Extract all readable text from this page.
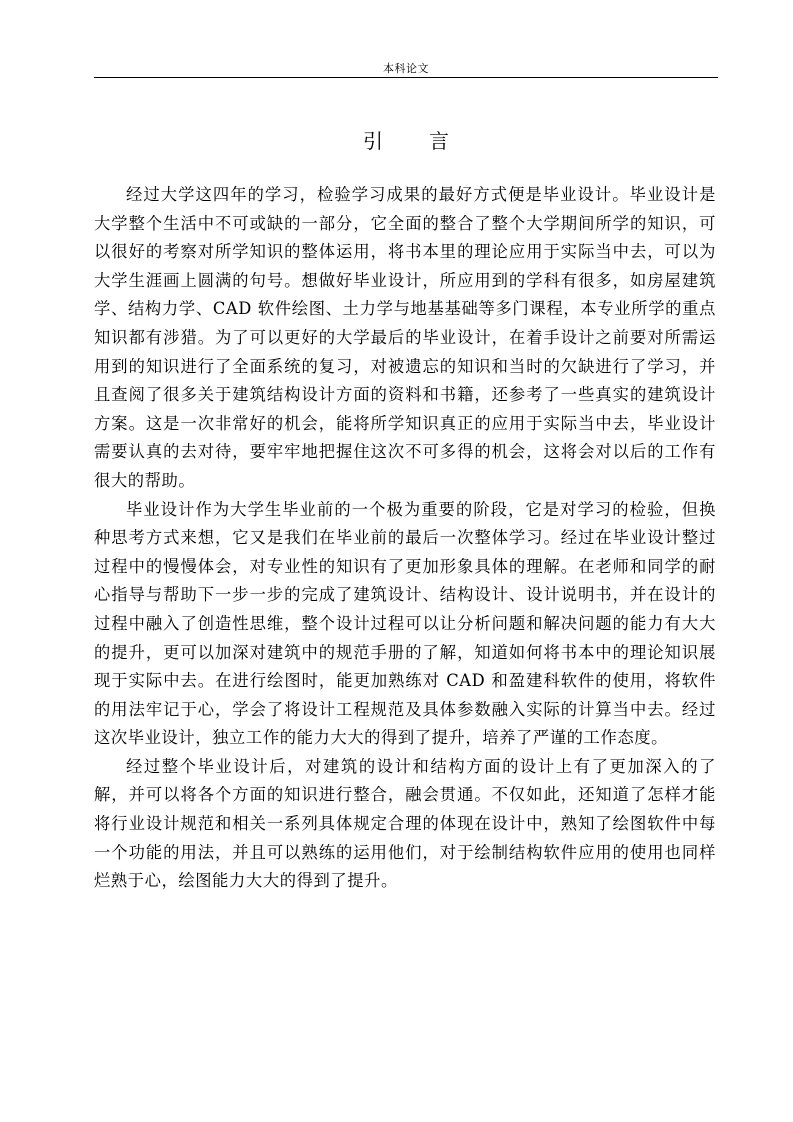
本科论文
引言

经过大学这四年的学习，检验学习成果的最好方式便是毕业设计。毕业设计是大学整个生活中不可或缺的一部分，它全面的整合了整个大学期间所学的知识，可以很好的考察对所学知识的整体运用，将书本里的理论应用于实际当中去，可以为大学生涯画上圆满的句号。想做好毕业设计，所应用到的学科有很多，如房屋建筑学、结构力学、CAD 软件绘图、土力学与地基基础等多门课程，本专业所学的重点知识都有涉猎。为了可以更好的大学最后的毕业设计，在着手设计之前要对所需运用到的知识进行了全面系统的复习，对被遗忘的知识和当时的欠缺进行了学习，并且查阅了很多关于建筑结构设计方面的资料和书籍，还参考了一些真实的建筑设计方案。这是一次非常好的机会，能将所学知识真正的应用于实际当中去，毕业设计需要认真的去对待，要牢牢地把握住这次不可多得的机会，这将会对以后的工作有很大的帮助。

毕业设计作为大学生毕业前的一个极为重要的阶段，它是对学习的检验，但换种思考方式来想，它又是我们在毕业前的最后一次整体学习。经过在毕业设计整过过程中的慢慢体会，对专业性的知识有了更加形象具体的理解。在老师和同学的耐心指导与帮助下一步一步的完成了建筑设计、结构设计、设计说明书，并在设计的过程中融入了创造性思维，整个设计过程可以让分析问题和解决问题的能力有大大的提升，更可以加深对建筑中的规范手册的了解，知道如何将书本中的理论知识展现于实际中去。在进行绘图时，能更加熟练对 CAD 和盈建科软件的使用，将软件的用法牢记于心，学会了将设计工程规范及具体参数融入实际的计算当中去。经过这次毕业设计，独立工作的能力大大的得到了提升，培养了严谨的工作态度。

经过整个毕业设计后，对建筑的设计和结构方面的设计上有了更加深入的了解，并可以将各个方面的知识进行整合，融会贯通。不仅如此，还知道了怎样才能将行业设计规范和相关一系列具体规定合理的体现在设计中，熟知了绘图软件中每一个功能的用法，并且可以熟练的运用他们，对于绘制结构软件应用的使用也同样烂熟于心，绘图能力大大的得到了提升。
